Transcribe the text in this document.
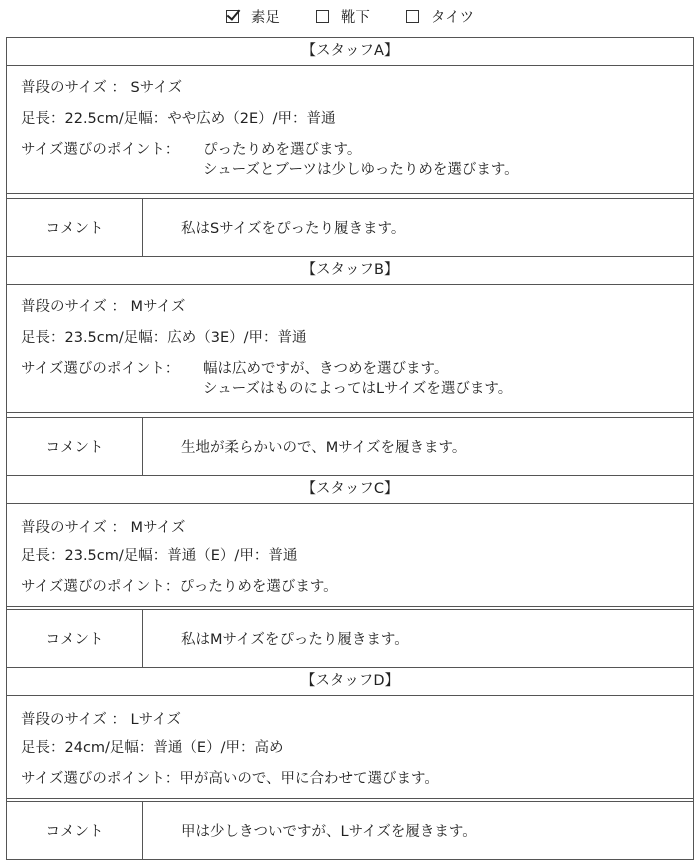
素足	靴下	タイツ
【スタッフA】
普段のサイズ ： Sサイズ
足長：22.5cm/足幅：やや広め（2E）/甲：普通
サイズ選びのポイント： ぴったりめを選びます。
シューズとブーツは少しゆったりめを選びます。
コメント	私はSサイズをぴったり履きます。
【スタッフB】
普段のサイズ ： Mサイズ
足長：23.5cm/足幅：広め（3E）/甲：普通
サイズ選びのポイント： 幅は広めですが、きつめを選びます。
シューズはものによってはLサイズを選びます。
コメント	生地が柔らかいので、Mサイズを履きます。
【スタッフC】
普段のサイズ ： Mサイズ
足長：23.5cm/足幅：普通（E）/甲：普通
サイズ選びのポイント：ぴったりめを選びます。
コメント	私はMサイズをぴったり履きます。
【スタッフD】
普段のサイズ ： Lサイズ
足長：24cm/足幅：普通（E）/甲：高め
サイズ選びのポイント：甲が高いので、甲に合わせて選びます。
コメント	甲は少しきついですが、Lサイズを履きます。
